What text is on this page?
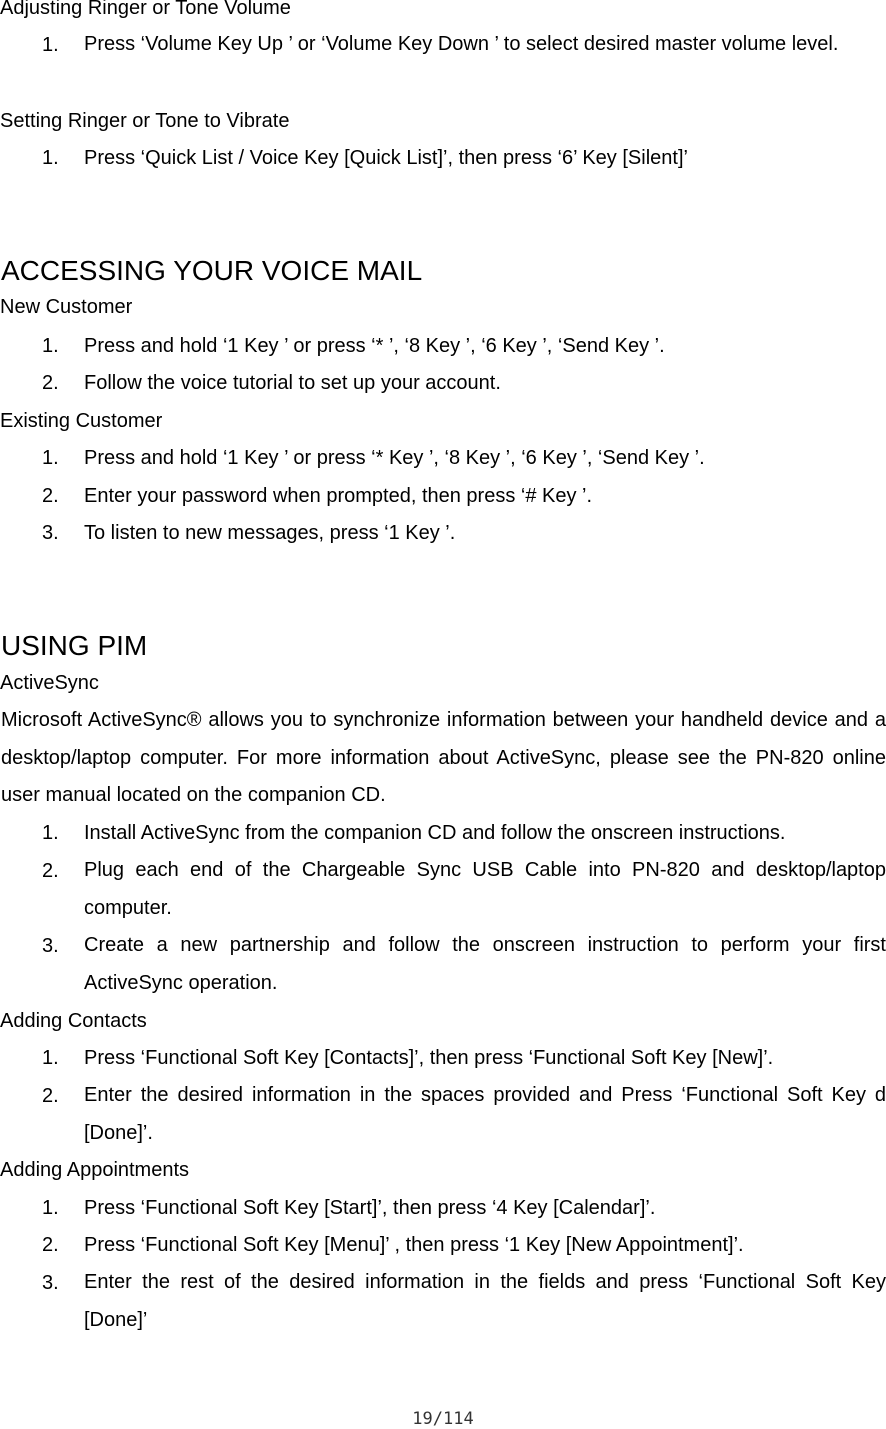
Adjusting Ringer or Tone Volume
1. Press ‘Volume Key Up ’ or ‘Volume Key Down ’ to select desired master volume level.
Setting Ringer or Tone to Vibrate
1. Press ‘Quick List / Voice Key [Quick List]’, then press ‘6’ Key [Silent]’
ACCESSING YOUR VOICE MAIL
New Customer
1. Press and hold ‘1 Key ’ or press ‘* ’, ‘8 Key ’, ‘6 Key ’, ‘Send Key ’.
2. Follow the voice tutorial to set up your account.
Existing Customer
1. Press and hold ‘1 Key ’ or press ‘* Key ’, ‘8 Key ’, ‘6 Key ’, ‘Send Key ’.
2. Enter your password when prompted, then press ‘# Key ’.
3. To listen to new messages, press ‘1 Key ’.
USING PIM
ActiveSync
Microsoft ActiveSync® allows you to synchronize information between your handheld device and a desktop/laptop computer. For more information about ActiveSync, please see the PN-820 online user manual located on the companion CD.
1. Install ActiveSync from the companion CD and follow the onscreen instructions.
2. Plug each end of the Chargeable Sync USB Cable into PN-820 and desktop/laptop computer.
3. Create a new partnership and follow the onscreen instruction to perform your first ActiveSync operation.
Adding Contacts
1. Press ‘Functional Soft Key [Contacts]’, then press ‘Functional Soft Key [New]’.
2. Enter the desired information in the spaces provided and Press ‘Functional Soft Key d [Done]’.
Adding Appointments
1. Press ‘Functional Soft Key [Start]’, then press ‘4 Key [Calendar]’.
2. Press ‘Functional Soft Key [Menu]’ , then press ‘1 Key [New Appointment]’.
3. Enter the rest of the desired information in the fields and press ‘Functional Soft Key [Done]’
19/114
